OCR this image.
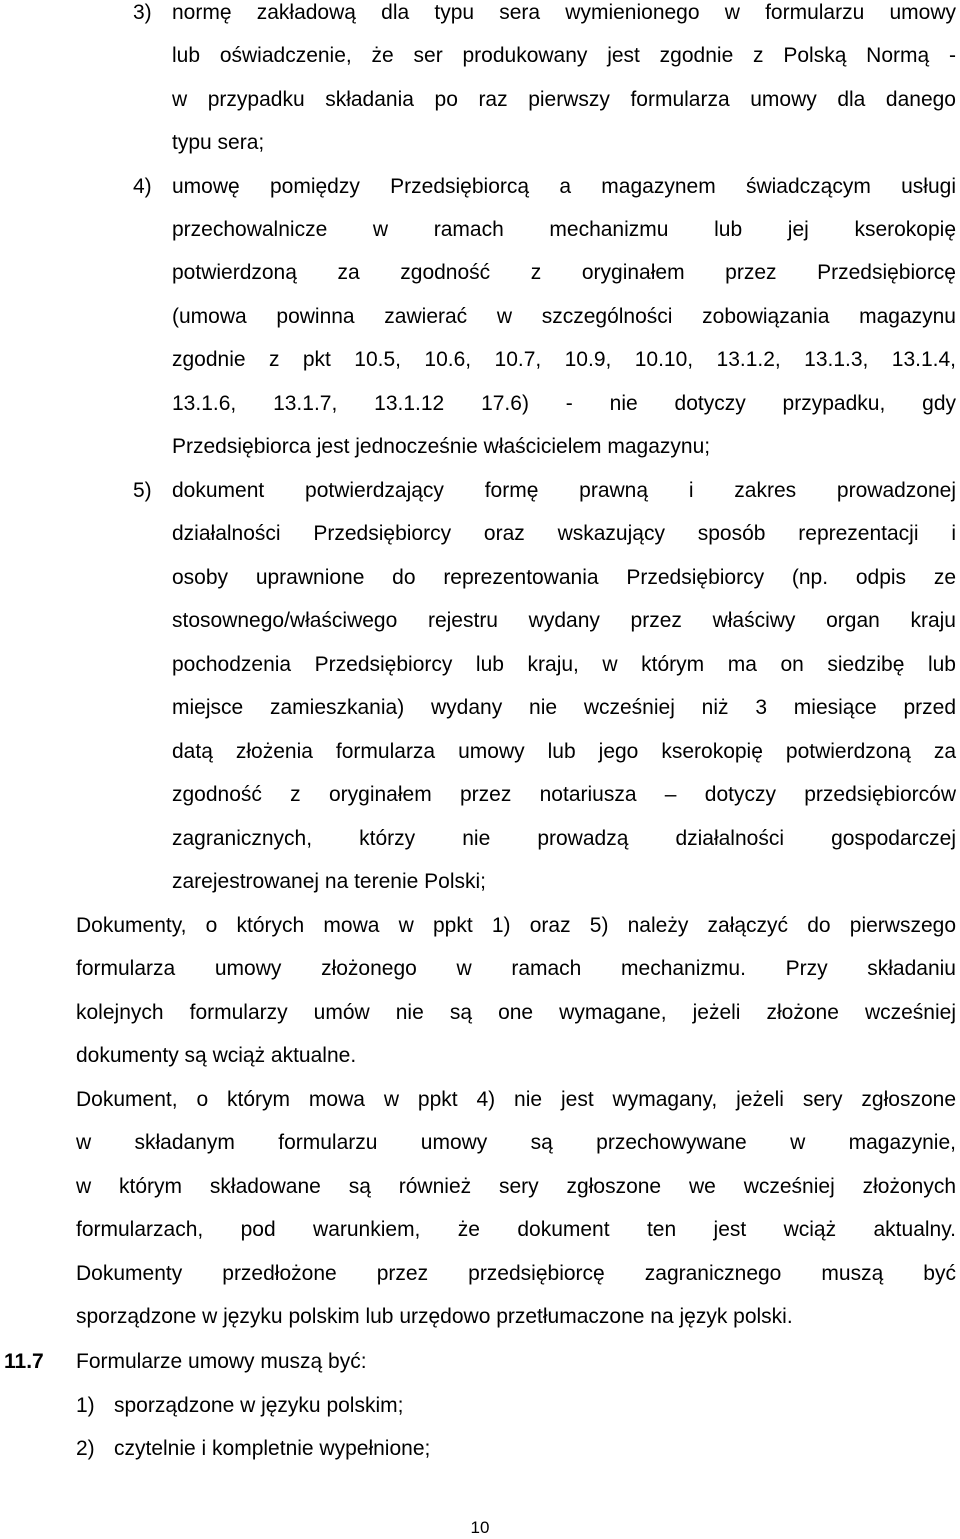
3) normę zakładową dla typu sera wymienionego w formularzu umowy
lub oświadczenie, że ser produkowany jest zgodnie z Polską Normą -
w przypadku składania po raz pierwszy formularza umowy dla danego
typu sera;
4) umowę pomiędzy Przedsiębiorcą a magazynem świadczącym usługi
przechowalnicze w ramach mechanizmu lub jej kserokopię
potwierdzoną za zgodność z oryginałem przez Przedsiębiorcę
(umowa powinna zawierać w szczególności zobowiązania magazynu
zgodnie z pkt 10.5, 10.6, 10.7, 10.9, 10.10, 13.1.2, 13.1.3, 13.1.4,
13.1.6, 13.1.7, 13.1.12 17.6) - nie dotyczy przypadku, gdy
Przedsiębiorca jest jednocześnie właścicielem magazynu;
5) dokument potwierdzający formę prawną i zakres prowadzonej
działalności Przedsiębiorcy oraz wskazujący sposób reprezentacji i
osoby uprawnione do reprezentowania Przedsiębiorcy (np. odpis ze
stosownego/właściwego rejestru wydany przez właściwy organ kraju
pochodzenia Przedsiębiorcy lub kraju, w którym ma on siedzibę lub
miejsce zamieszkania) wydany nie wcześniej niż 3 miesiące przed
datą złożenia formularza umowy lub jego kserokopię potwierdzoną za
zgodność z oryginałem przez notariusza – dotyczy przedsiębiorców
zagranicznych, którzy nie prowadzą działalności gospodarczej
zarejestrowanej na terenie Polski;
Dokumenty, o których mowa w ppkt 1) oraz 5) należy załączyć do pierwszego
formularza umowy złożonego w ramach mechanizmu. Przy składaniu
kolejnych formularzy umów nie są one wymagane, jeżeli złożone wcześniej
dokumenty są wciąż aktualne.
Dokument, o którym mowa w ppkt 4) nie jest wymagany, jeżeli sery zgłoszone
w składanym formularzu umowy są przechowywane w magazynie,
w którym składowane są również sery zgłoszone we wcześniej złożonych
formularzach, pod warunkiem, że dokument ten jest wciąż aktualny.
Dokumenty przedłożone przez przedsiębiorcę zagranicznego muszą być
sporządzone w języku polskim lub urzędowo przetłumaczone na język polski.
11.7 Formularze umowy muszą być:
1) sporządzone w języku polskim;
2) czytelnie i kompletnie wypełnione;
10
